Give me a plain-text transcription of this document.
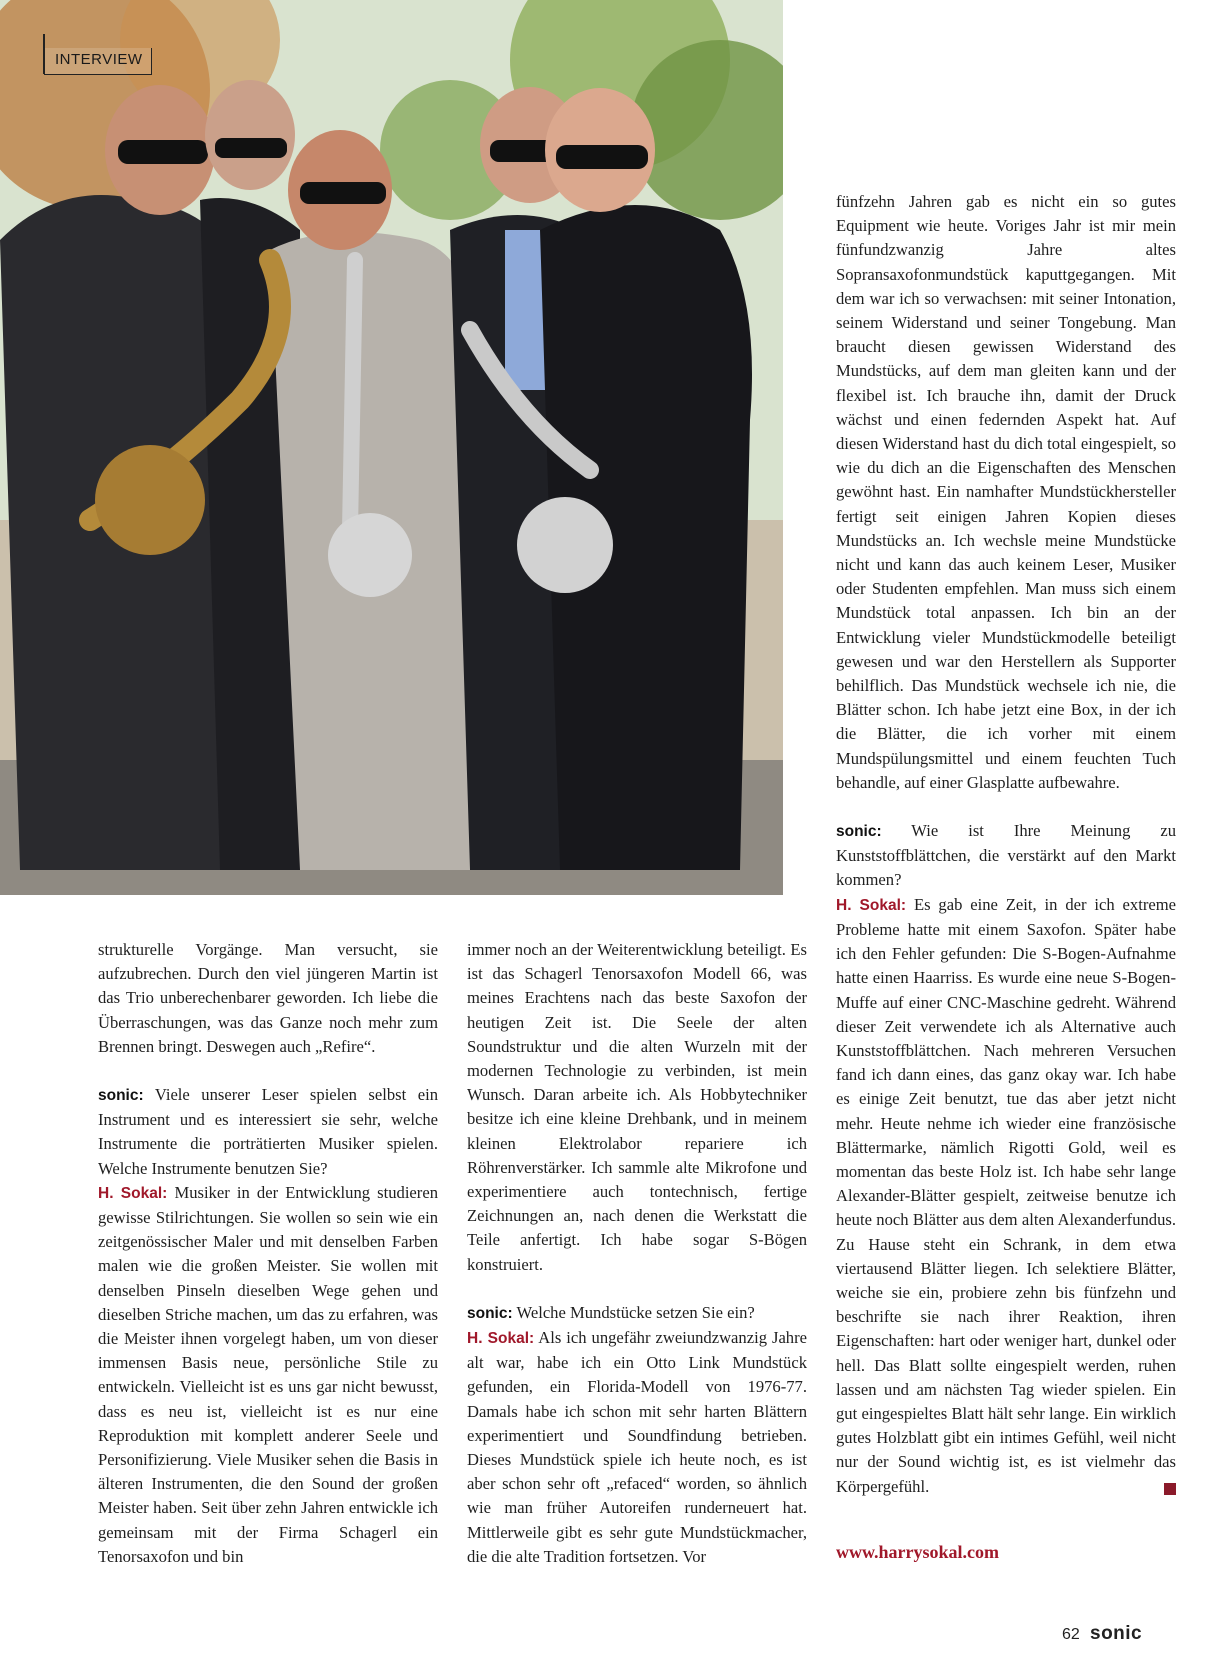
INTERVIEW

strukturelle Vorgänge. Man versucht, sie aufzubrechen. Durch den viel jüngeren Martin ist das Trio unberechenbarer geworden. Ich liebe die Überraschungen, was das Ganze noch mehr zum Brennen bringt. Deswegen auch „Refire“.

sonic: Viele unserer Leser spielen selbst ein Instrument und es interessiert sie sehr, welche Instrumente die porträtierten Musiker spielen. Welche Instrumente benutzen Sie?
H. Sokal: Musiker in der Entwicklung studieren gewisse Stilrichtungen. Sie wollen so sein wie ein zeitgenössischer Maler und mit denselben Farben malen wie die großen Meister. Sie wollen mit denselben Pinseln dieselben Wege gehen und dieselben Striche machen, um das zu erfahren, was die Meister ihnen vorgelegt haben, um von dieser immensen Basis neue, persönliche Stile zu entwickeln. Vielleicht ist es uns gar nicht bewusst, dass es neu ist, vielleicht ist es nur eine Reproduktion mit komplett anderer Seele und Personifizierung. Viele Musiker sehen die Basis in älteren Instrumenten, die den Sound der großen Meister haben. Seit über zehn Jahren entwickle ich gemeinsam mit der Firma Schagerl ein Tenorsaxofon und bin

immer noch an der Weiterentwicklung beteiligt. Es ist das Schagerl Tenorsaxofon Modell 66, was meines Erachtens nach das beste Saxofon der heutigen Zeit ist. Die Seele der alten Soundstruktur und die alten Wurzeln mit der modernen Technologie zu verbinden, ist mein Wunsch. Daran arbeite ich. Als Hobbytechniker besitze ich eine kleine Drehbank, und in meinem kleinen Elektrolabor repariere ich Röhrenverstärker. Ich sammle alte Mikrofone und experimentiere auch tontechnisch, fertige Zeichnungen an, nach denen die Werkstatt die Teile anfertigt. Ich habe sogar S-Bögen konstruiert.

sonic: Welche Mundstücke setzen Sie ein?
H. Sokal: Als ich ungefähr zweiundzwanzig Jahre alt war, habe ich ein Otto Link Mundstück gefunden, ein Florida-Modell von 1976-77. Damals habe ich schon mit sehr harten Blättern experimentiert und Soundfindung betrieben. Dieses Mundstück spiele ich heute noch, es ist aber schon sehr oft „refaced“ worden, so ähnlich wie man früher Autoreifen runderneuert hat. Mittlerweile gibt es sehr gute Mundstückmacher, die die alte Tradition fortsetzen. Vor

fünfzehn Jahren gab es nicht ein so gutes Equipment wie heute. Voriges Jahr ist mir mein fünfundzwanzig Jahre altes Sopransaxofonmundstück kaputtgegangen. Mit dem war ich so verwachsen: mit seiner Intonation, seinem Widerstand und seiner Tongebung. Man braucht diesen gewissen Widerstand des Mundstücks, auf dem man gleiten kann und der flexibel ist. Ich brauche ihn, damit der Druck wächst und einen federnden Aspekt hat. Auf diesen Widerstand hast du dich total eingespielt, so wie du dich an die Eigenschaften des Menschen gewöhnt hast. Ein namhafter Mundstückhersteller fertigt seit einigen Jahren Kopien dieses Mundstücks an. Ich wechsle meine Mundstücke nicht und kann das auch keinem Leser, Musiker oder Studenten empfehlen. Man muss sich einem Mundstück total anpassen. Ich bin an der Entwicklung vieler Mundstückmodelle beteiligt gewesen und war den Herstellern als Supporter behilflich. Das Mundstück wechsele ich nie, die Blätter schon. Ich habe jetzt eine Box, in der ich die Blätter, die ich vorher mit einem Mundspülungsmittel und einem feuchten Tuch behandle, auf einer Glasplatte aufbewahre.

sonic: Wie ist Ihre Meinung zu Kunststoffblättchen, die verstärkt auf den Markt kommen?
H. Sokal: Es gab eine Zeit, in der ich extreme Probleme hatte mit einem Saxofon. Später habe ich den Fehler gefunden: Die S-Bogen-Aufnahme hatte einen Haarriss. Es wurde eine neue S-Bogen-Muffe auf einer CNC-Maschine gedreht. Während dieser Zeit verwendete ich als Alternative auch Kunststoffblättchen. Nach mehreren Versuchen fand ich dann eines, das ganz okay war. Ich habe es einige Zeit benutzt, tue das aber jetzt nicht mehr. Heute nehme ich wieder eine französische Blättermarke, nämlich Rigotti Gold, weil es momentan das beste Holz ist. Ich habe sehr lange Alexander-Blätter gespielt, zeitweise benutze ich heute noch Blätter aus dem alten Alexanderfundus. Zu Hause steht ein Schrank, in dem etwa viertausend Blätter liegen. Ich selektiere Blätter, weiche sie ein, probiere zehn bis fünfzehn und beschrifte sie nach ihrer Reaktion, ihren Eigenschaften: hart oder weniger hart, dunkel oder hell. Das Blatt sollte eingespielt werden, ruhen lassen und am nächsten Tag wieder spielen. Ein gut eingespieltes Blatt hält sehr lange. Ein wirklich gutes Holzblatt gibt ein intimes Gefühl, weil nicht nur der Sound wichtig ist, es ist vielmehr das Körpergefühl.

www.harrysokal.com
62 sonic
